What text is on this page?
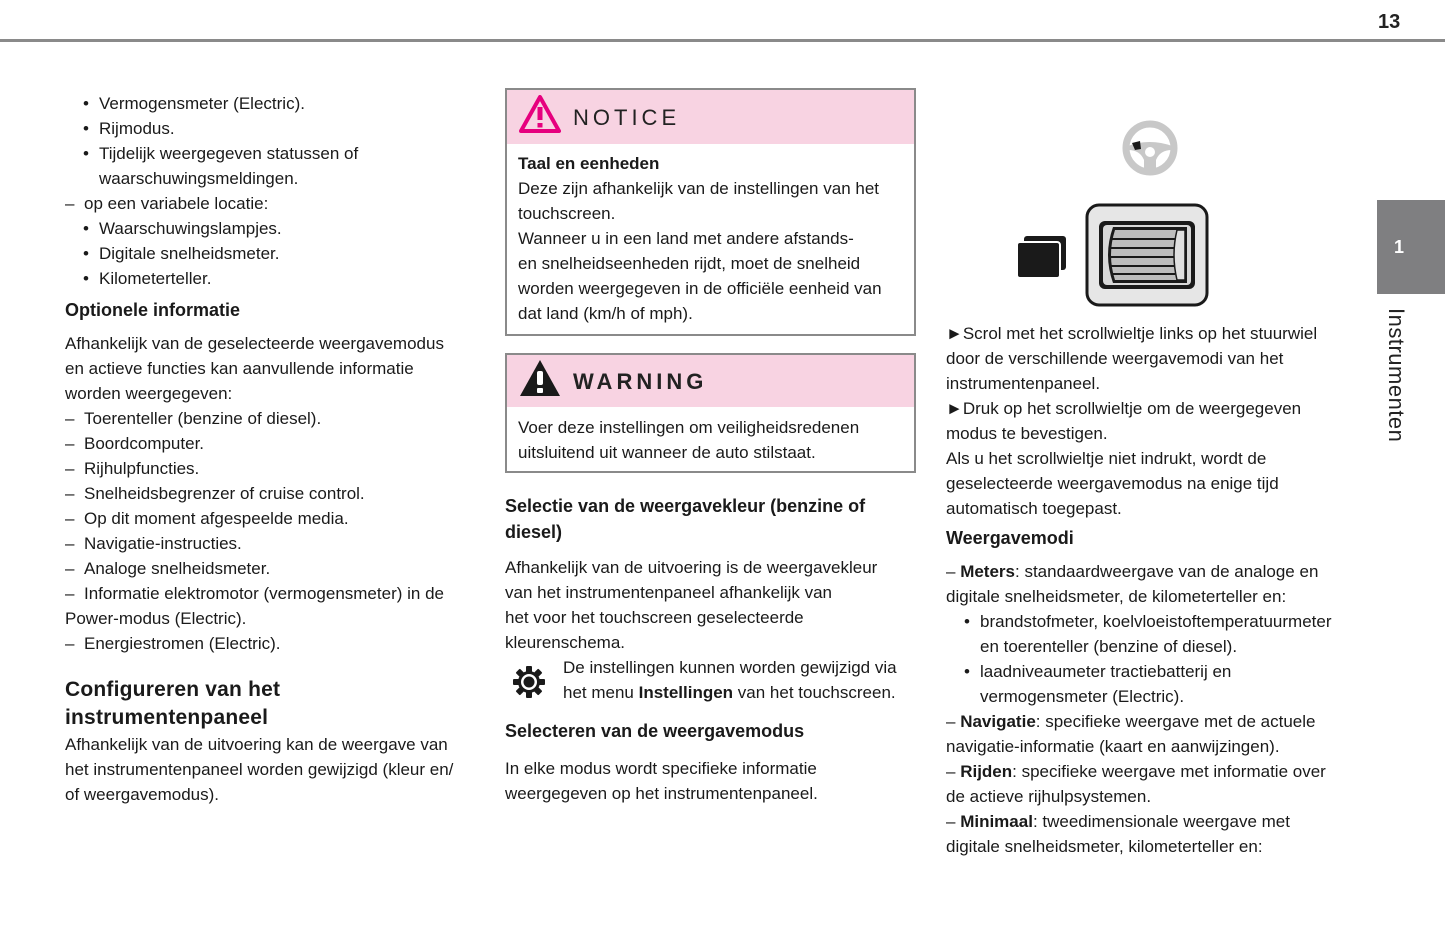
13
1
Instrumenten
• Vermogensmeter (Electric).
• Rijmodus.
• Tijdelijk weergegeven statussen of
waarschuwingsmeldingen.
– op een variabele locatie:
• Waarschuwingslampjes.
• Digitale snelheidsmeter.
• Kilometerteller.
Optionele informatie
Afhankelijk van de geselecteerde weergavemodus
en actieve functies kan aanvullende informatie
worden weergegeven:
– Toerenteller (benzine of diesel).
– Boordcomputer.
– Rijhulpfuncties.
– Snelheidsbegrenzer of cruise control.
– Op dit moment afgespeelde media.
– Navigatie-instructies.
– Analoge snelheidsmeter.
– Informatie elektromotor (vermogensmeter) in de
Power-modus (Electric).
– Energiestromen (Electric).
Configureren van het
instrumentenpaneel
Afhankelijk van de uitvoering kan de weergave van
het instrumentenpaneel worden gewijzigd (kleur en/
of weergavemodus).
NOTICE
Taal en eenheden
Deze zijn afhankelijk van de instellingen van het
touchscreen.
Wanneer u in een land met andere afstands-
en snelheidseenheden rijdt, moet de snelheid
worden weergegeven in de officiële eenheid van
dat land (km/h of mph).
WARNING
Voer deze instellingen om veiligheidsredenen
uitsluitend uit wanneer de auto stilstaat.
Selectie van de weergavekleur (benzine of
diesel)
Afhankelijk van de uitvoering is de weergavekleur
van het instrumentenpaneel afhankelijk van
het voor het touchscreen geselecteerde
kleurenschema.
De instellingen kunnen worden gewijzigd via
het menu Instellingen van het touchscreen.
Selecteren van de weergavemodus
In elke modus wordt specifieke informatie
weergegeven op het instrumentenpaneel.
►Scrol met het scrollwieltje links op het stuurwiel
door de verschillende weergavemodi van het
instrumentenpaneel.
►Druk op het scrollwieltje om de weergegeven
modus te bevestigen.
Als u het scrollwieltje niet indrukt, wordt de
geselecteerde weergavemodus na enige tijd
automatisch toegepast.
Weergavemodi
– Meters: standaardweergave van de analoge en
digitale snelheidsmeter, de kilometerteller en:
• brandstofmeter, koelvloeistoftemperatuurmeter
en toerenteller (benzine of diesel).
• laadniveaumeter tractiebatterij en
vermogensmeter (Electric).
– Navigatie: specifieke weergave met de actuele
navigatie-informatie (kaart en aanwijzingen).
– Rijden: specifieke weergave met informatie over
de actieve rijhulpsystemen.
– Minimaal: tweedimensionale weergave met
digitale snelheidsmeter, kilometerteller en:
